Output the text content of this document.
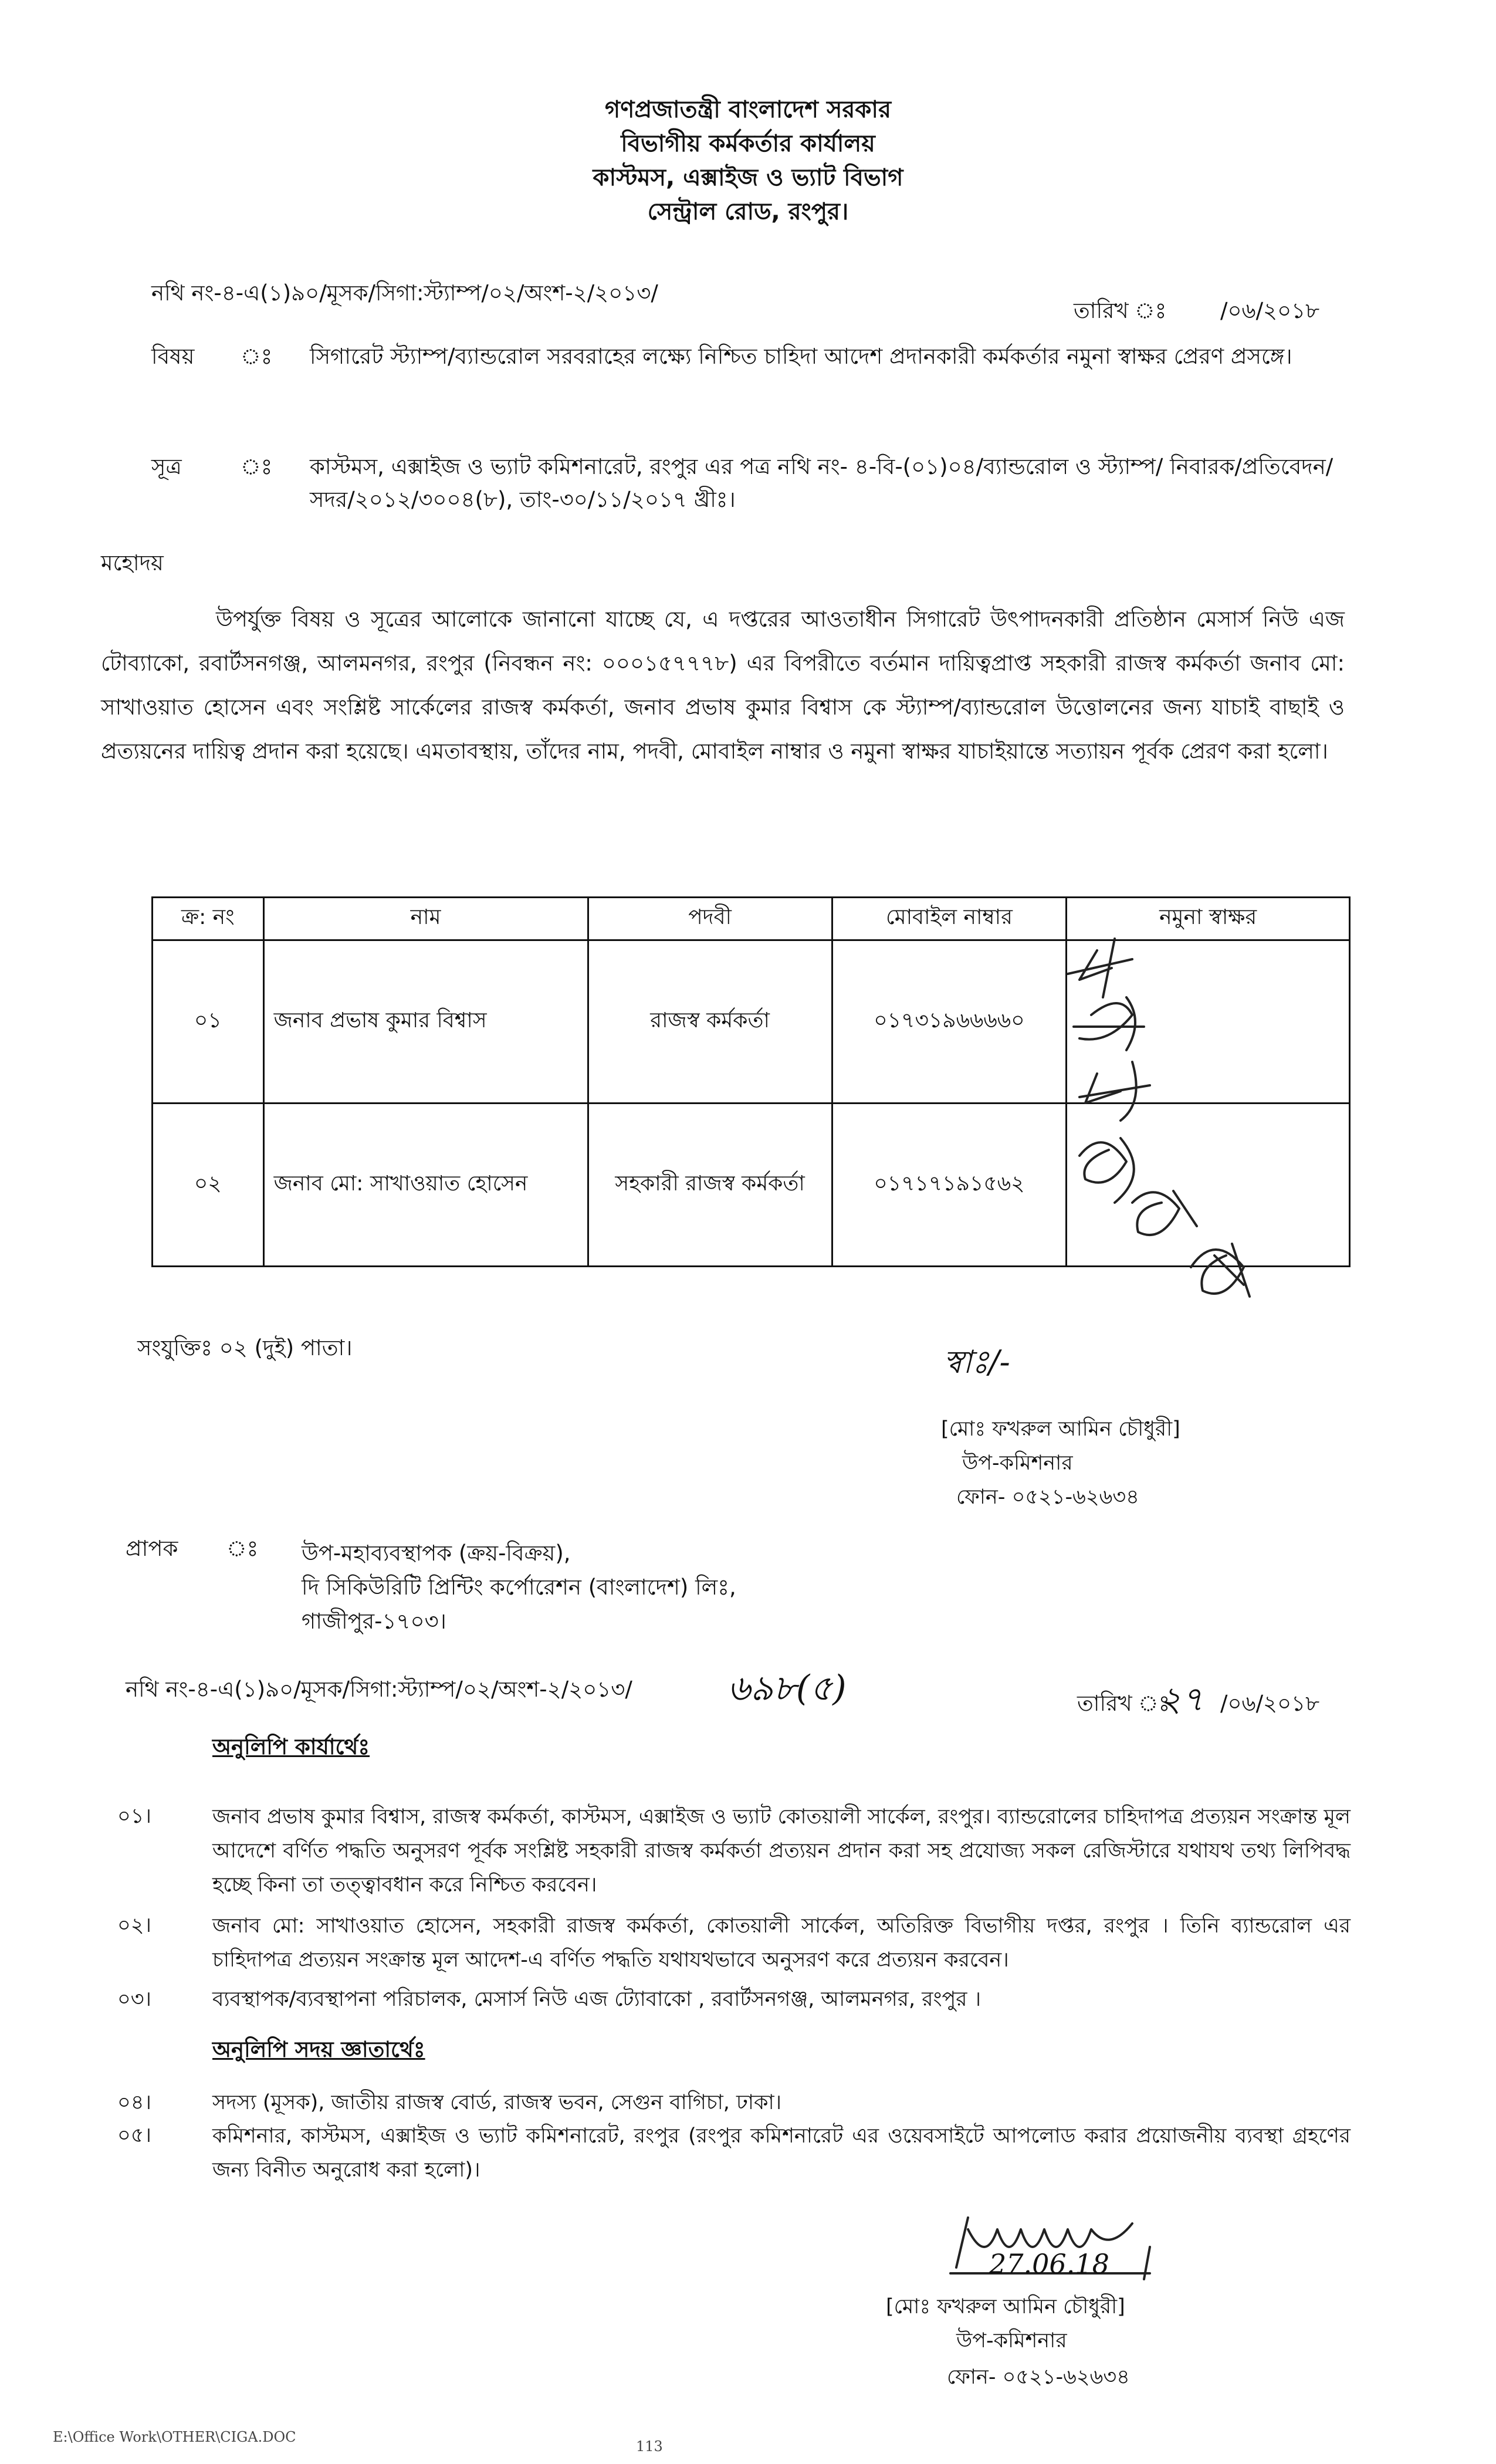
গণপ্রজাতন্ত্রী বাংলাদেশ সরকার
বিভাগীয় কর্মকর্তার কার্যালয়
কাস্টমস, এক্সাইজ ও ভ্যাট বিভাগ
সেন্ট্রাল রোড, রংপুর।
নথি নং-৪-এ(১)৯০/মূসক/সিগা:স্ট্যাম্প/০২/অংশ-২/২০১৩/
তারিখ ঃ /০৬/২০১৮
বিষয় ঃ সিগারেট স্ট্যাম্প/ব্যান্ডরোল সরবরাহের লক্ষ্যে নিশ্চিত চাহিদা আদেশ প্রদানকারী কর্মকর্তার নমুনা স্বাক্ষর প্রেরণ প্রসঙ্গে।
সূত্র	ঃ কাস্টমস, এক্সাইজ ও ভ্যাট কমিশনারেট, রংপুর এর পত্র নথি নং- ৪-বি-(০১)০৪/ব্যান্ডরোল ও স্ট্যাম্প/ নিবারক/প্রতিবেদন/সদর/২০১২/৩০০৪(৮), তাং-৩০/১১/২০১৭ খ্রীঃ।
মহোদয়
উপর্যুক্ত বিষয় ও সূত্রের আলোকে জানানো যাচ্ছে যে, এ দপ্তরের আওতাধীন সিগারেট উৎপাদনকারী প্রতিষ্ঠান মেসার্স নিউ এজ টোব্যাকো, রবার্টসনগঞ্জ, আলমনগর, রংপুর (নিবন্ধন নং: ০০০১৫৭৭৭৮) এর বিপরীতে বর্তমান দায়িত্বপ্রাপ্ত সহকারী রাজস্ব কর্মকর্তা জনাব মো: সাখাওয়াত হোসেন এবং সংশ্লিষ্ট সার্কেলের রাজস্ব কর্মকর্তা, জনাব প্রভাষ কুমার বিশ্বাস কে স্ট্যাম্প/ব্যান্ডরোল উত্তোলনের জন্য যাচাই বাছাই ও প্রত্যয়নের দায়িত্ব প্রদান করা হয়েছে। এমতাবস্থায়, তাঁদের নাম, পদবী, মোবাইল নাম্বার ও নমুনা স্বাক্ষর যাচাইয়ান্তে সত্যায়ন পূর্বক প্রেরণ করা হলো।
ক্র: নং	নাম	পদবী	মোবাইল নাম্বার	নমুনা স্বাক্ষর
০১	জনাব প্রভাষ কুমার বিশ্বাস	রাজস্ব কর্মকর্তা	০১৭৩১৯৬৬৬৬০	
০২	জনাব মো: সাখাওয়াত হোসেন	সহকারী রাজস্ব কর্মকর্তা	০১৭১৭১৯১৫৬২	
সংযুক্তিঃ ০২ (দুই) পাতা।	স্বাঃ/-
[মোঃ ফখরুল আমিন চৌধুরী]
উপ-কমিশনার
ফোন- ০৫২১-৬২৬৩৪
প্রাপক ঃ উপ-মহাব্যবস্থাপক (ক্রয়-বিক্রয়),
দি সিকিউরিটি প্রিন্টিং কর্পোরেশন (বাংলাদেশ) লিঃ,
গাজীপুর-১৭০৩।
নথি নং-৪-এ(১)৯০/মূসক/সিগা:স্ট্যাম্প/০২/অংশ-২/২০১৩/	৬৯৮(৫)	তারিখ ঃ
২৭ /০৬/২০১৮
অনুলিপি কার্যার্থেঃ
০১।	জনাব প্রভাষ কুমার বিশ্বাস, রাজস্ব কর্মকর্তা, কাস্টমস, এক্সাইজ ও ভ্যাট কোতয়ালী সার্কেল, রংপুর। ব্যান্ডরোলের চাহিদাপত্র প্রত্যয়ন সংক্রান্ত মূল আদেশে বর্ণিত পদ্ধতি অনুসরণ পূর্বক সংশ্লিষ্ট সহকারী রাজস্ব কর্মকর্তা প্রত্যয়ন প্রদান করা সহ প্রযোজ্য সকল রেজিস্টারে যথাযথ তথ্য লিপিবদ্ধ হচ্ছে কিনা তা তত্ত্বাবধান করে নিশ্চিত করবেন।
০২।	জনাব মো: সাখাওয়াত হোসেন, সহকারী রাজস্ব কর্মকর্তা, কোতয়ালী সার্কেল, অতিরিক্ত বিভাগীয় দপ্তর, রংপুর । তিনি ব্যান্ডরোল এর চাহিদাপত্র প্রত্যয়ন সংক্রান্ত মূল আদেশ-এ বর্ণিত পদ্ধতি যথাযথভাবে অনুসরণ করে প্রত্যয়ন করবেন।
০৩।	ব্যবস্থাপক/ব্যবস্থাপনা পরিচালক, মেসার্স নিউ এজ ট্যোবাকো , রবার্টসনগঞ্জ, আলমনগর, রংপুর ।
অনুলিপি সদয় জ্ঞাতার্থেঃ
০৪।	সদস্য (মূসক), জাতীয় রাজস্ব বোর্ড, রাজস্ব ভবন, সেগুন বাগিচা, ঢাকা।
০৫।	কমিশনার, কাস্টমস, এক্সাইজ ও ভ্যাট কমিশনারেট, রংপুর (রংপুর কমিশনারেট এর ওয়েবসাইটে আপলোড করার প্রয়োজনীয় ব্যবস্থা গ্রহণের জন্য বিনীত অনুরোধ করা হলো)।
27.06.18
[মোঃ ফখরুল আমিন চৌধুরী]
উপ-কমিশনার
ফোন- ০৫২১-৬২৬৩৪
E:\Office Work\OTHER\CIGA.DOC
113
